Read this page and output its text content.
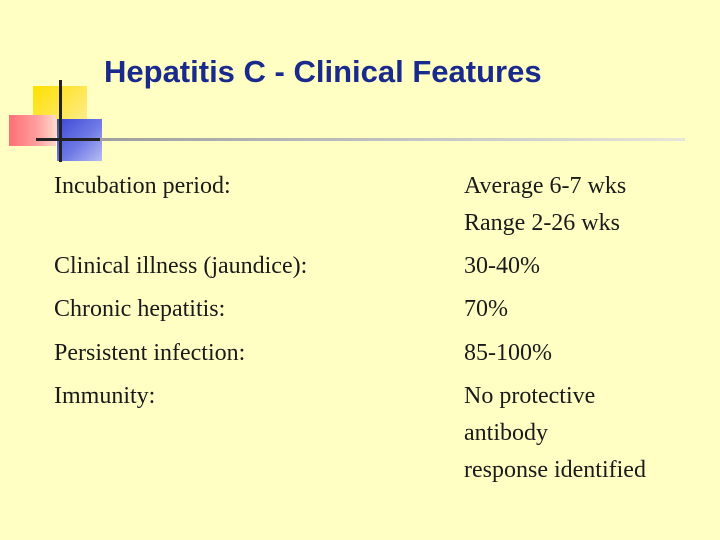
Hepatitis C - Clinical Features
Incubation period:	Average 6-7 wks
Range 2-26 wks
Clinical illness (jaundice):	30-40%
Chronic hepatitis:	70%
Persistent infection:	85-100%
Immunity:	No protective
antibody
response identified
